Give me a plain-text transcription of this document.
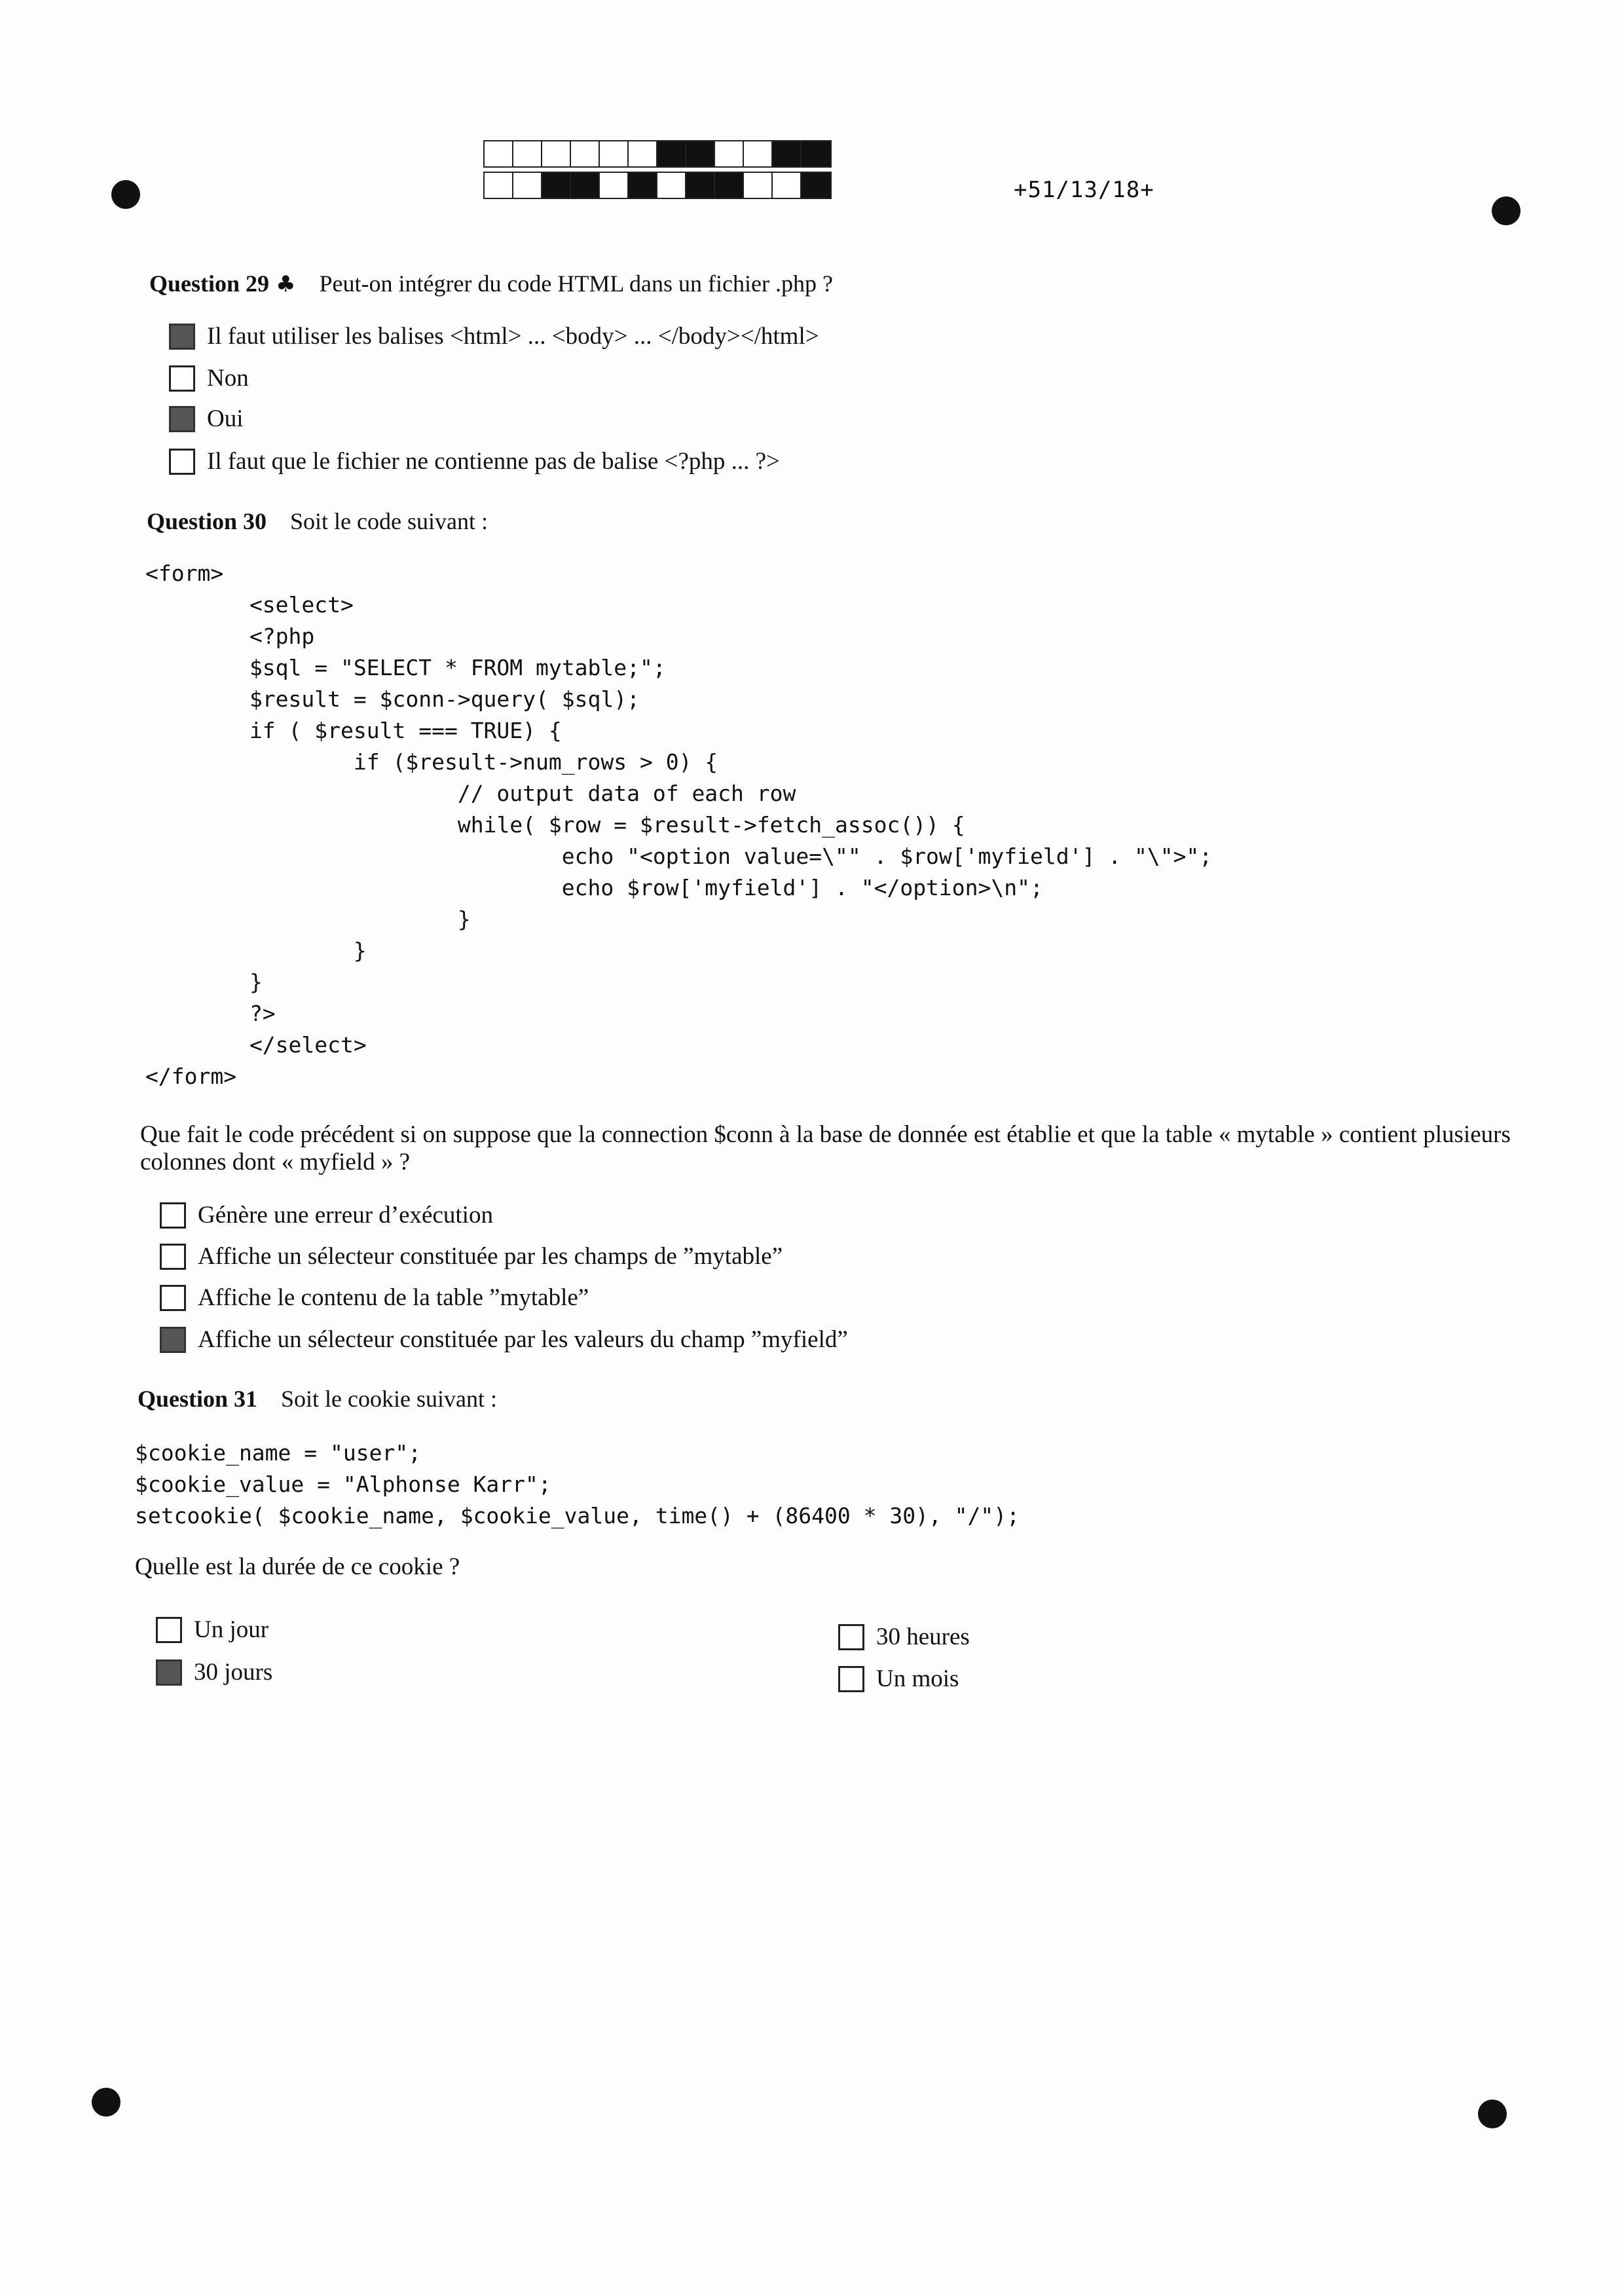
+51/13/18+
Question 29 ♣ Peut-on intégrer du code HTML dans un fichier .php ?
Il faut utiliser les balises <html> ... <body> ... </body></html>
Non
Oui
Il faut que le fichier ne contienne pas de balise <?php ... ?>
Question 30 Soit le code suivant :
<form>
<select>
<?php
$sql = "SELECT * FROM mytable;";
$result = $conn->query( $sql);
if ( $result === TRUE) {
if ($result->num_rows > 0) {
// output data of each row
while( $row = $result->fetch_assoc()) {
echo "<option value=\"" . $row['myfield'] . "\">";
echo $row['myfield'] . "</option>\n";
}
}
}
?>
</select>
</form>
Que fait le code précédent si on suppose que la connection $conn à la base de donnée est établie et que la table « mytable » contient plusieurs colonnes dont « myfield » ?
Génère une erreur d’exécution
Affiche un sélecteur constituée par les champs de ”mytable”
Affiche le contenu de la table ”mytable”
Affiche un sélecteur constituée par les valeurs du champ ”myfield”
Question 31 Soit le cookie suivant :
$cookie_name = "user";
$cookie_value = "Alphonse Karr";
setcookie( $cookie_name, $cookie_value, time() + (86400 * 30), "/");
Quelle est la durée de ce cookie ?
Un jour
30 jours
30 heures
Un mois
